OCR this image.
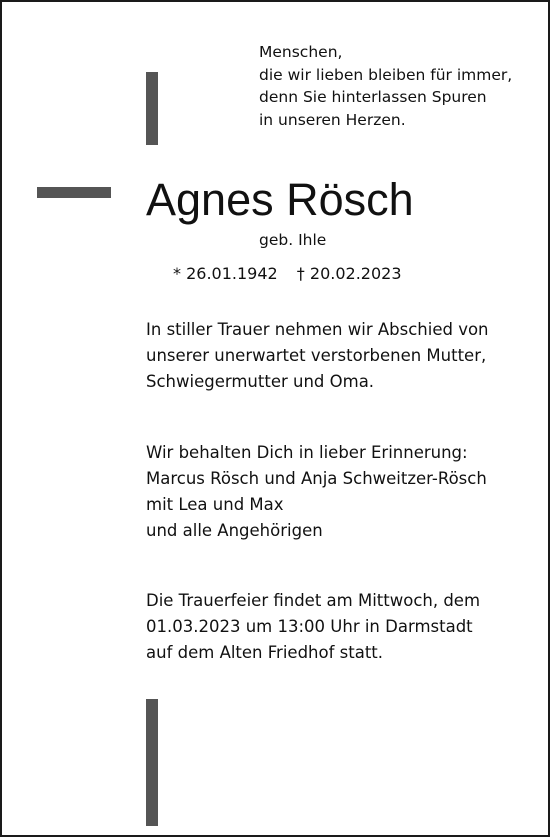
Menschen,
die wir lieben bleiben für immer,
denn Sie hinterlassen Spuren
in unseren Herzen.
Agnes Rösch
geb. Ihle
* 26.01.1942 † 20.02.2023
In stiller Trauer nehmen wir Abschied von
unserer unerwartet verstorbenen Mutter,
Schwiegermutter und Oma.
Wir behalten Dich in lieber Erinnerung:
Marcus Rösch und Anja Schweitzer-Rösch
mit Lea und Max
und alle Angehörigen
Die Trauerfeier findet am Mittwoch, dem
01.03.2023 um 13:00 Uhr in Darmstadt
auf dem Alten Friedhof statt.
